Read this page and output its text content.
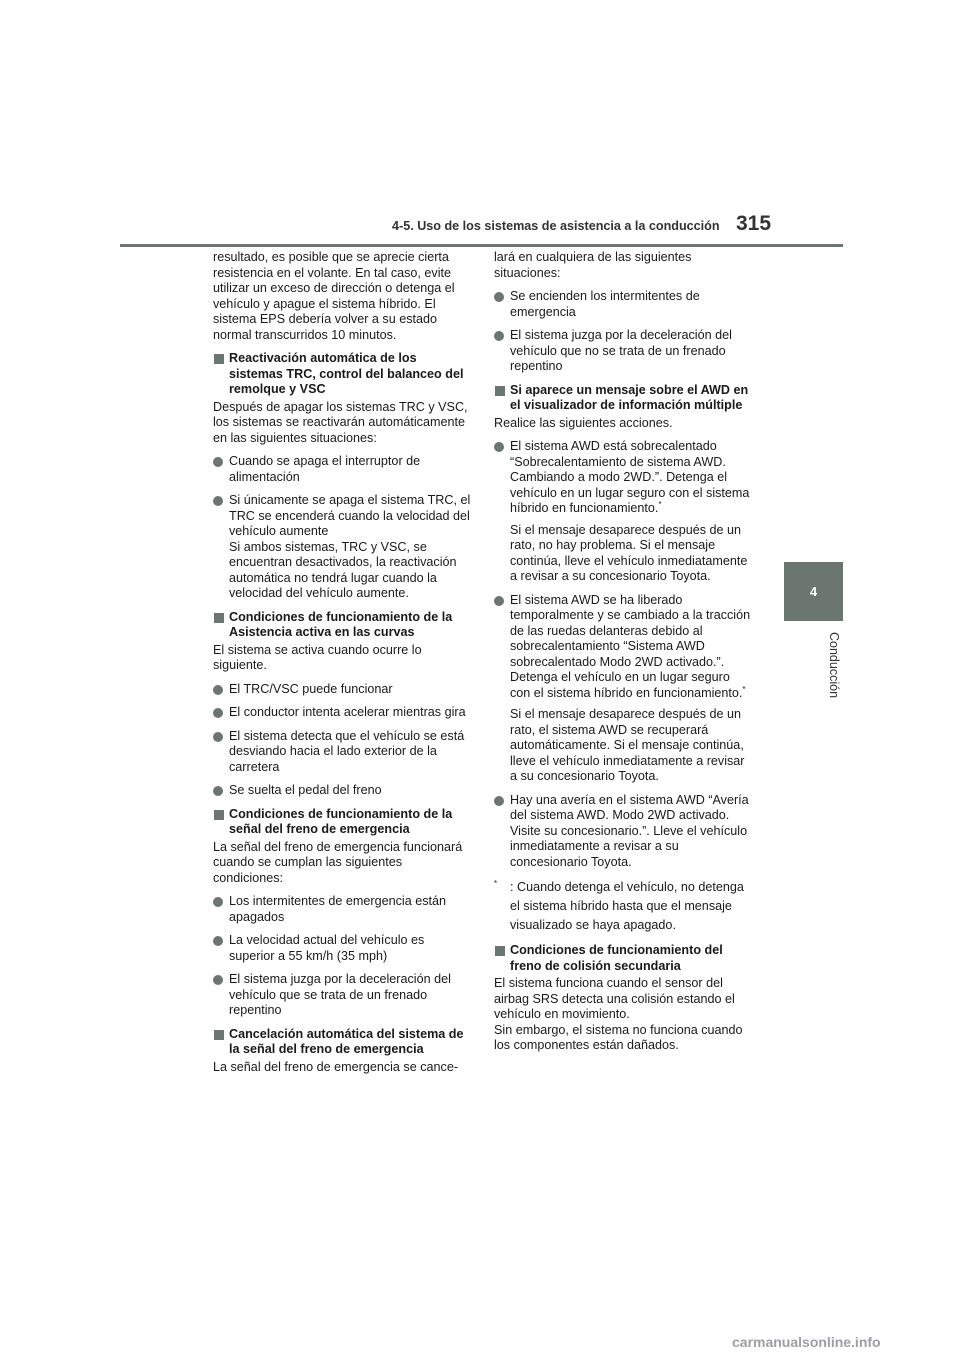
4-5. Uso de los sistemas de asistencia a la conducción 315
4
Conducción

resultado, es posible que se aprecie cierta resistencia en el volante. En tal caso, evite utilizar un exceso de dirección o detenga el vehículo y apague el sistema híbrido. El sistema EPS debería volver a su estado normal transcurridos 10 minutos.

Reactivación automática de los sistemas TRC, control del balanceo del remolque y VSC

Después de apagar los sistemas TRC y VSC, los sistemas se reactivarán automáticamente en las siguientes situaciones:

Cuando se apaga el interruptor de alimentación
Si únicamente se apaga el sistema TRC, el TRC se encenderá cuando la velocidad del vehículo aumente
Si ambos sistemas, TRC y VSC, se encuentran desactivados, la reactivación automática no tendrá lugar cuando la velocidad del vehículo aumente.
Condiciones de funcionamiento de la Asistencia activa en las curvas

El sistema se activa cuando ocurre lo siguiente.

El TRC/VSC puede funcionar
El conductor intenta acelerar mientras gira
El sistema detecta que el vehículo se está desviando hacia el lado exterior de la carretera
Se suelta el pedal del freno
Condiciones de funcionamiento de la señal del freno de emergencia

La señal del freno de emergencia funcionará cuando se cumplan las siguientes condiciones:

Los intermitentes de emergencia están apagados
La velocidad actual del vehículo es superior a 55 km/h (35 mph)
El sistema juzga por la deceleración del vehículo que se trata de un frenado repentino
Cancelación automática del sistema de la señal del freno de emergencia

La señal del freno de emergencia se cance-

lará en cualquiera de las siguientes situaciones:

Se encienden los intermitentes de emergencia
El sistema juzga por la deceleración del vehículo que no se trata de un frenado repentino
Si aparece un mensaje sobre el AWD en el visualizador de información múltiple

Realice las siguientes acciones.

El sistema AWD está sobrecalentado “Sobrecalentamiento de sistema AWD. Cambiando a modo 2WD.”. Detenga el vehículo en un lugar seguro con el sistema híbrido en funcionamiento.*

Si el mensaje desaparece después de un rato, no hay problema. Si el mensaje continúa, lleve el vehículo inmediatamente a revisar a su concesionario Toyota.

El sistema AWD se ha liberado temporalmente y se cambiado a la tracción de las ruedas delanteras debido al sobrecalentamiento “Sistema AWD sobrecalentado Modo 2WD activado.”. Detenga el vehículo en un lugar seguro con el sistema híbrido en funcionamiento.*

Si el mensaje desaparece después de un rato, el sistema AWD se recuperará automáticamente. Si el mensaje continúa, lleve el vehículo inmediatamente a revisar a su concesionario Toyota.

Hay una avería en el sistema AWD “Avería del sistema AWD. Modo 2WD activado. Visite su concesionario.”. Lleve el vehículo inmediatamente a revisar a su concesionario Toyota.
* : Cuando detenga el vehículo, no detenga el sistema híbrido hasta que el mensaje visualizado se haya apagado.
Condiciones de funcionamiento del freno de colisión secundaria

El sistema funciona cuando el sensor del airbag SRS detecta una colisión estando el vehículo en movimiento.

Sin embargo, el sistema no funciona cuando los componentes están dañados.

carmanualsonline.info
